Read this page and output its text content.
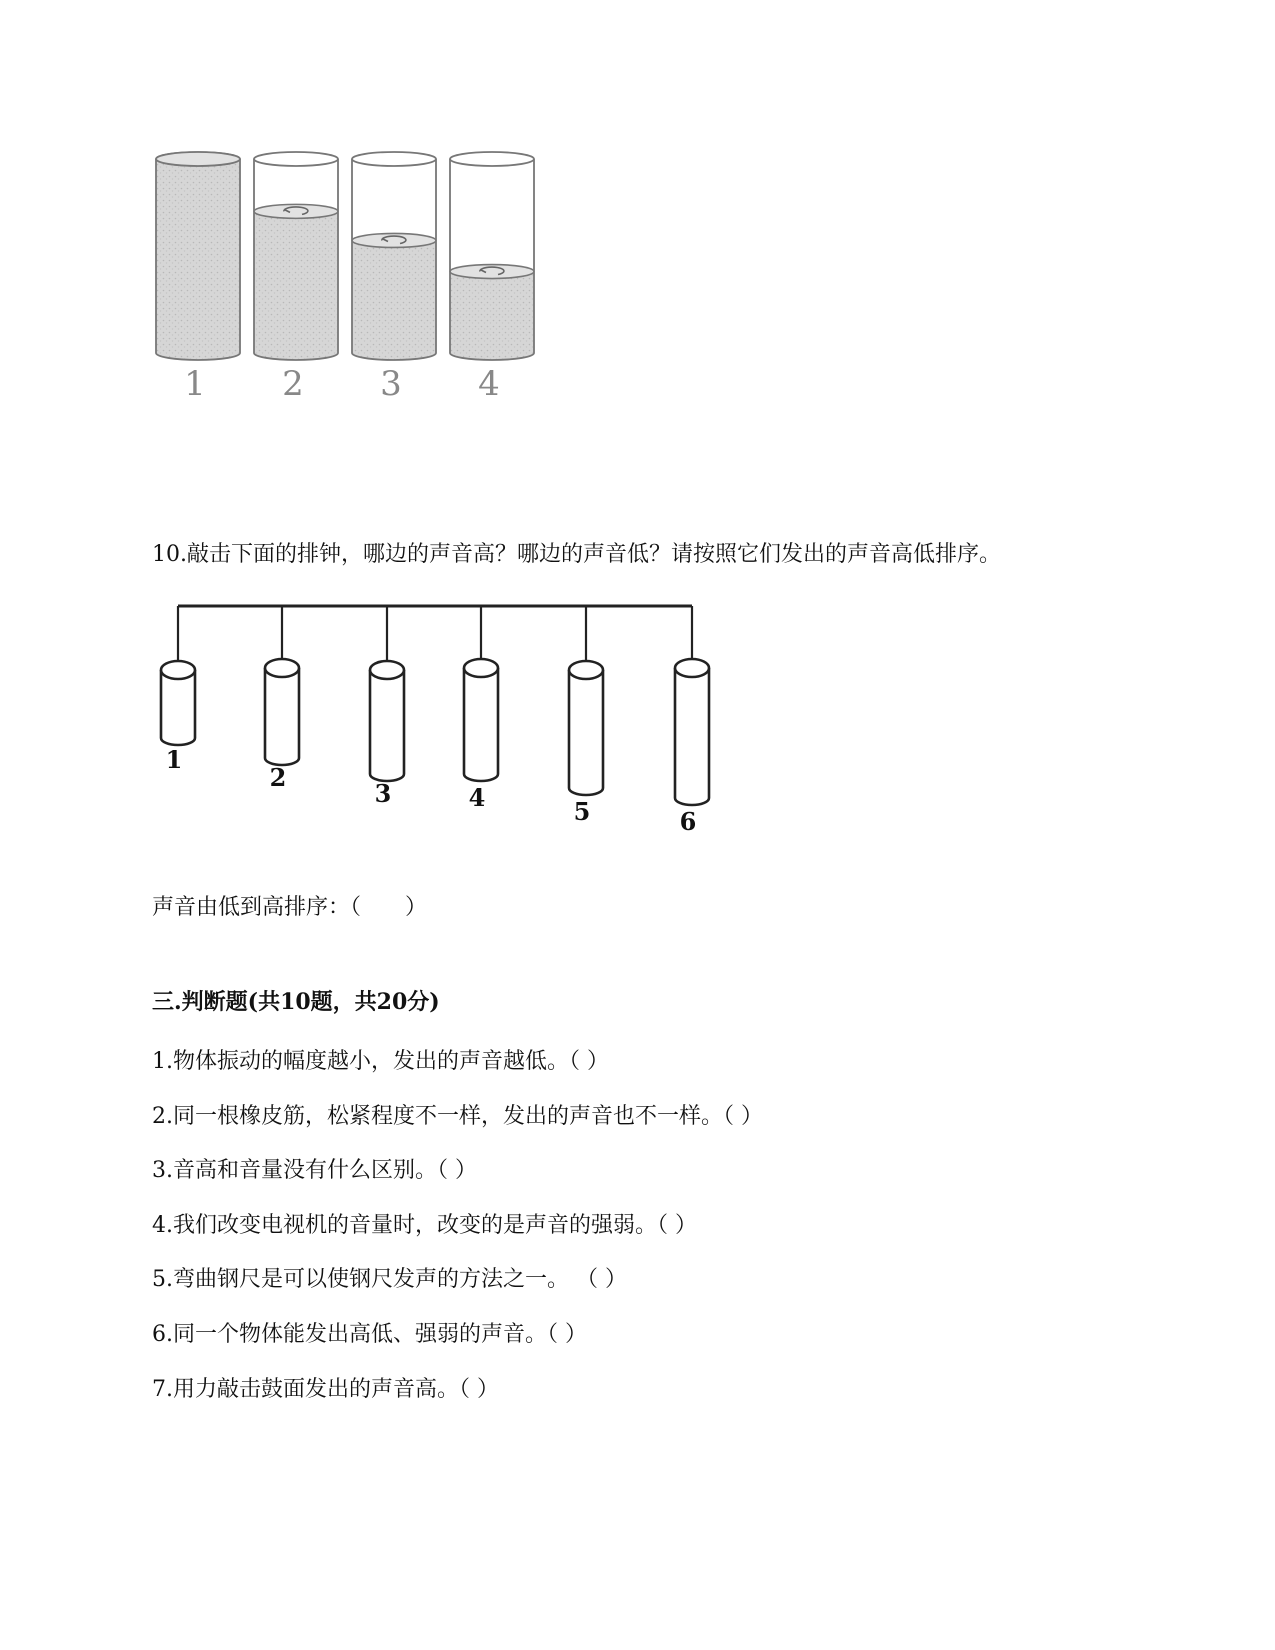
1 2 3 4
10.敲击下面的排钟，哪边的声音高？哪边的声音低？请按照它们发出的声音高低排序。
1
2
3	4	5	6
声音由低到高排序：（　　）
三.判断题(共10题，共20分)
1.物体振动的幅度越小，发出的声音越低。（ ）
2.同一根橡皮筋，松紧程度不一样，发出的声音也不一样。（ ）
3.音高和音量没有什么区别。（ ）
4.我们改变电视机的音量时，改变的是声音的强弱。（ ）
5.弯曲钢尺是可以使钢尺发声的方法之一。 （ ）
6.同一个物体能发出高低、强弱的声音。（ ）
7.用力敲击鼓面发出的声音高。（ ）
